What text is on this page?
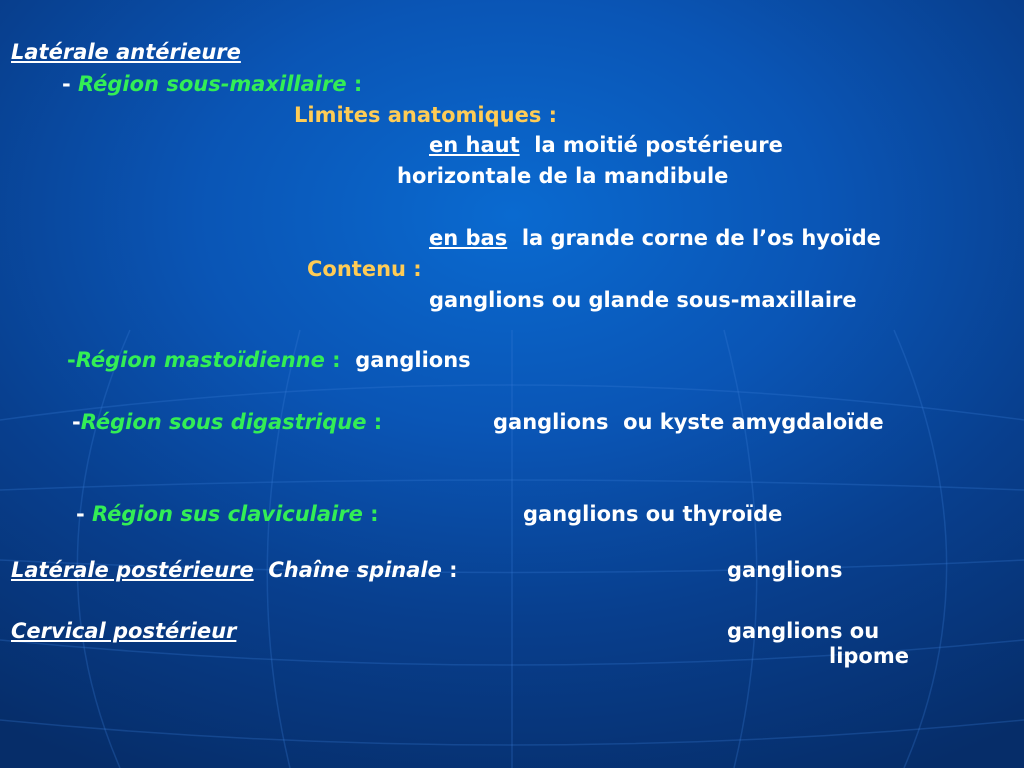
Latérale antérieure
- Région sous-maxillaire :
Limites anatomiques :
en haut la moitié postérieure
horizontale de la mandibule
en bas la grande corne de l’os hyoïde
Contenu :
ganglions ou glande sous-maxillaire
-Région mastoïdienne :  ganglions
-Région sous digastrique :	ganglions  ou kyste amygdaloïde
- Région sus claviculaire :	ganglions ou thyroïde
Latérale postérieure Chaîne spinale :	ganglions
Cervical postérieur	ganglions ou
lipome
